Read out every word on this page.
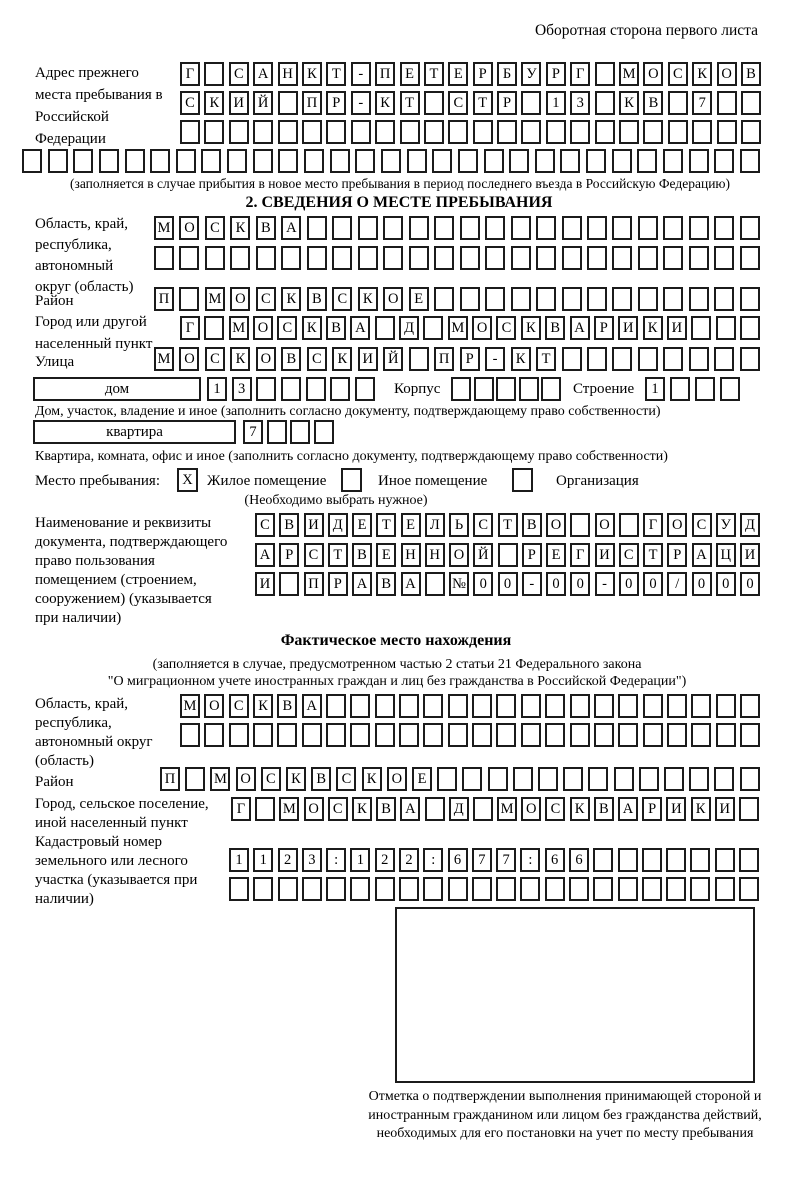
Оборотная сторона первого листа
Адрес прежнего места пребывания в Российской Федерации
Г	С А Н К	Т	-	П	Е	Т	Е	Р	Б	У	Р	Г	М О С	К О В
С	К И Й	П	Р	-	К	Т	С	Т	Р	1	3	К	В	7
(заполняется в случае прибытия в новое место пребывания в период последнего въезда в Российскую Федерацию)
2. СВЕДЕНИЯ О МЕСТЕ ПРЕБЫВАНИЯ
Область, край, республика, автономный округ (область)
М О	С	К	В	А
Район	П	М О	С	К	В	С	К	О	Е
Город или другой населенный пункт
Г	М О С	К	В А	Д	М О С	К	В А	Р	И К И
Улица	М О	С	К	О	В	С	К	И	Й	П	Р	-	К	Т
дом	1	3	Корпус	Строение	1
Дом, участок, владение и иное (заполнить согласно документу, подтверждающему право собственности)
квартира	7
Квартира, комната, офис и иное (заполнить согласно документу, подтверждающему право собственности)
Место пребывания:	X Жилое помещение	Иное помещение	Организация
(Необходимо выбрать нужное)
Наименование и реквизиты документа, подтверждающего право пользования помещением (строением, сооружением) (указывается при наличии)
С	В И Д	Е	Т	Е	Л	Ь	С	Т	В О	О	Г	О С У Д
А	Р	С	Т	В	Е	Н Н О Й	Р	Е	Г	И С	Т	Р	А Ц И
И	П	Р	А В А	№ 0	0	-	0	0	-	0	0	/	0	0	0
Фактическое место нахождения
(заполняется в случае, предусмотренном частью 2 статьи 21 Федерального закона
"О миграционном учете иностранных граждан и лиц без гражданства в Российской Федерации")
Область, край, республика, автономный округ (область)
М О С	К	В А
Район	П	М О	С	К	В	С	К	О	Е
Город, сельское поселение, иной населенный пункт
Г	М О С	К	В А	Д	М О С	К	В А	Р	И К И
Кадастровый номер земельного или лесного участка (указывается при наличии)
1	1	2	3	:	1	2	2	:	6	7	7	:	6	6
Отметка о подтверждении выполнения принимающей стороной и иностранным гражданином или лицом без гражданства действий, необходимых для его постановки на учет по месту пребывания
